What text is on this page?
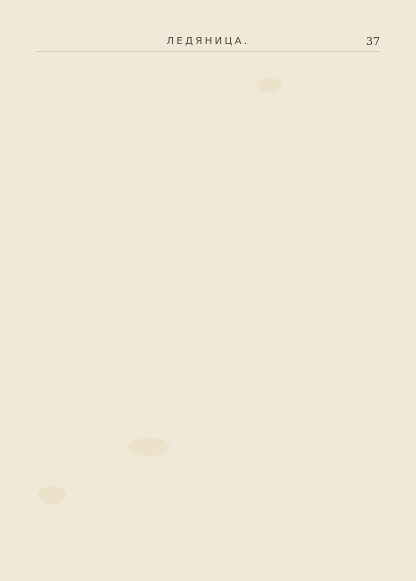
ЛЕДЯНИЦА.	37
